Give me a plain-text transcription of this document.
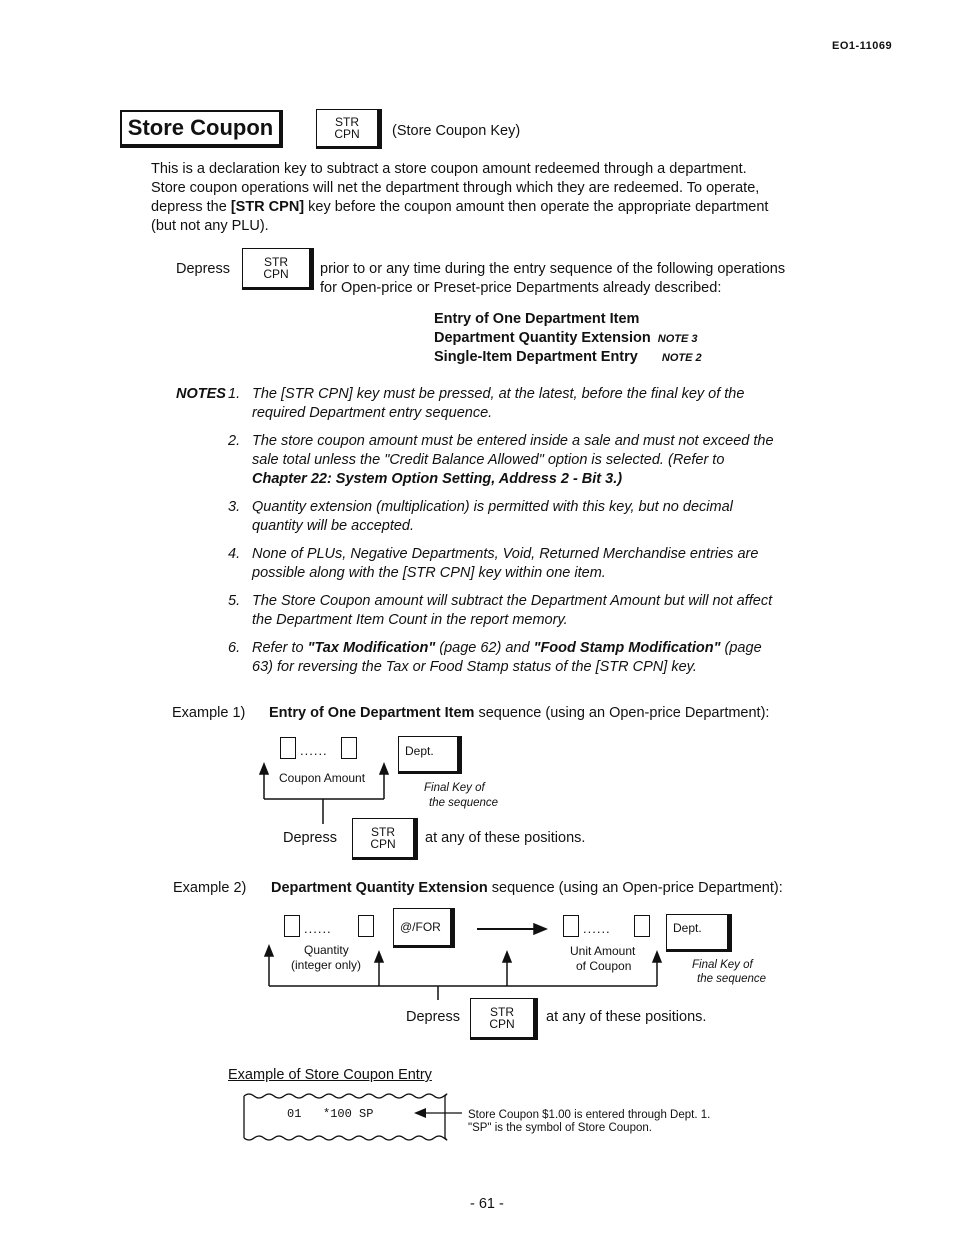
EO1-11069
Store Coupon	STR
CPN (Store Coupon Key)
This is a declaration key to subtract a store coupon amount redeemed through a department.
Store coupon operations will net the department through which they are redeemed. To operate,
depress the [STR CPN] key before the coupon amount then operate the appropriate department
(but not any PLU).
Depress	STR
CPN prior to or any time during the entry sequence of the following operations
for Open-price or Preset-price Departments already described:
Entry of One Department Item
Department Quantity Extension NOTE 3
Single-Item Department Entry NOTE 2
NOTES 1. The [STR CPN] key must be pressed, at the latest, before the final key of the
required Department entry sequence.
2. The store coupon amount must be entered inside a sale and must not exceed the
sale total unless the "Credit Balance Allowed" option is selected. (Refer to
Chapter 22: System Option Setting, Address 2 - Bit 3.)
3. Quantity extension (multiplication) is permitted with this key, but no decimal
quantity will be accepted.
4. None of PLUs, Negative Departments, Void, Returned Merchandise entries are
possible along with the [STR CPN] key within one item.
5. The Store Coupon amount will subtract the Department Amount but will not affect
the Department Item Count in the report memory.
6. Refer to "Tax Modification" (page 62) and "Food Stamp Modification" (page
63) for reversing the Tax or Food Stamp status of the [STR CPN] key.
Example 1) Entry of One Department Item sequence (using an Open-price Department):
......
Coupon Amount
Dept.
Final Key of
the sequence
Depress	STR
CPN at any of these positions.
Example 2) Department Quantity Extension sequence (using an Open-price Department):
......	@/FOR
Quantity
(integer only)
......	Dept.
Unit Amount
of Coupon	Final Key of
the sequence
Depress	STR
CPN at any of these positions.
Example of Store Coupon Entry
01   *100 SP	Store Coupon $1.00 is entered through Dept. 1.
"SP" is the symbol of Store Coupon.
- 61 -
